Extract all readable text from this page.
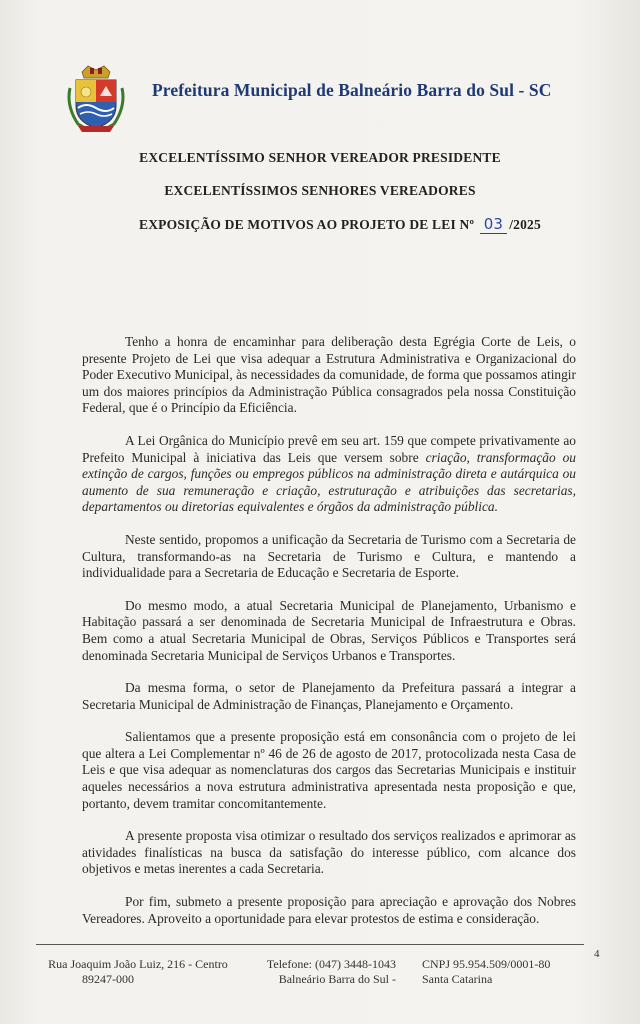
Prefeitura Municipal de Balneário Barra do Sul - SC
EXCELENTÍSSIMO SENHOR VEREADOR PRESIDENTE
EXCELENTÍSSIMOS SENHORES VEREADORES
EXPOSIÇÃO DE MOTIVOS AO PROJETO DE LEI Nº 03 /2025

Tenho a honra de encaminhar para deliberação desta Egrégia Corte de Leis, o presente Projeto de Lei que visa adequar a Estrutura Administrativa e Organizacional do Poder Executivo Municipal, às necessidades da comunidade, de forma que possamos atingir um dos maiores princípios da Administração Pública consagrados pela nossa Constituição Federal, que é o Princípio da Eficiência.

A Lei Orgânica do Município prevê em seu art. 159 que compete privativamente ao Prefeito Municipal à iniciativa das Leis que versem sobre criação, transformação ou extinção de cargos, funções ou empregos públicos na administração direta e autárquica ou aumento de sua remuneração e criação, estruturação e atribuições das secretarias, departamentos ou diretorias equivalentes e órgãos da administração pública.

Neste sentido, propomos a unificação da Secretaria de Turismo com a Secretaria de Cultura, transformando-as na Secretaria de Turismo e Cultura, e mantendo a individualidade para a Secretaria de Educação e Secretaria de Esporte.

Do mesmo modo, a atual Secretaria Municipal de Planejamento, Urbanismo e Habitação passará a ser denominada de Secretaria Municipal de Infraestrutura e Obras. Bem como a atual Secretaria Municipal de Obras, Serviços Públicos e Transportes será denominada Secretaria Municipal de Serviços Urbanos e Transportes.

Da mesma forma, o setor de Planejamento da Prefeitura passará a integrar a Secretaria Municipal de Administração de Finanças, Planejamento e Orçamento.

Salientamos que a presente proposição está em consonância com o projeto de lei que altera a Lei Complementar nº 46 de 26 de agosto de 2017, protocolizada nesta Casa de Leis e que visa adequar as nomenclaturas dos cargos das Secretarias Municipais e instituir aqueles necessários a nova estrutura administrativa apresentada nesta proposição e que, portanto, devem tramitar concomitantemente.

A presente proposta visa otimizar o resultado dos serviços realizados e aprimorar as atividades finalísticas na busca da satisfação do interesse público, com alcance dos objetivos e metas inerentes a cada Secretaria.

Por fim, submeto a presente proposição para apreciação e aprovação dos Nobres Vereadores. Aproveito a oportunidade para elevar protestos de estima e consideração.

4
Rua Joaquim João Luiz, 216 - Centro
89247-000
Telefone: (047) 3448-1043
Balneário Barra do Sul -
CNPJ 95.954.509/0001-80
Santa Catarina
